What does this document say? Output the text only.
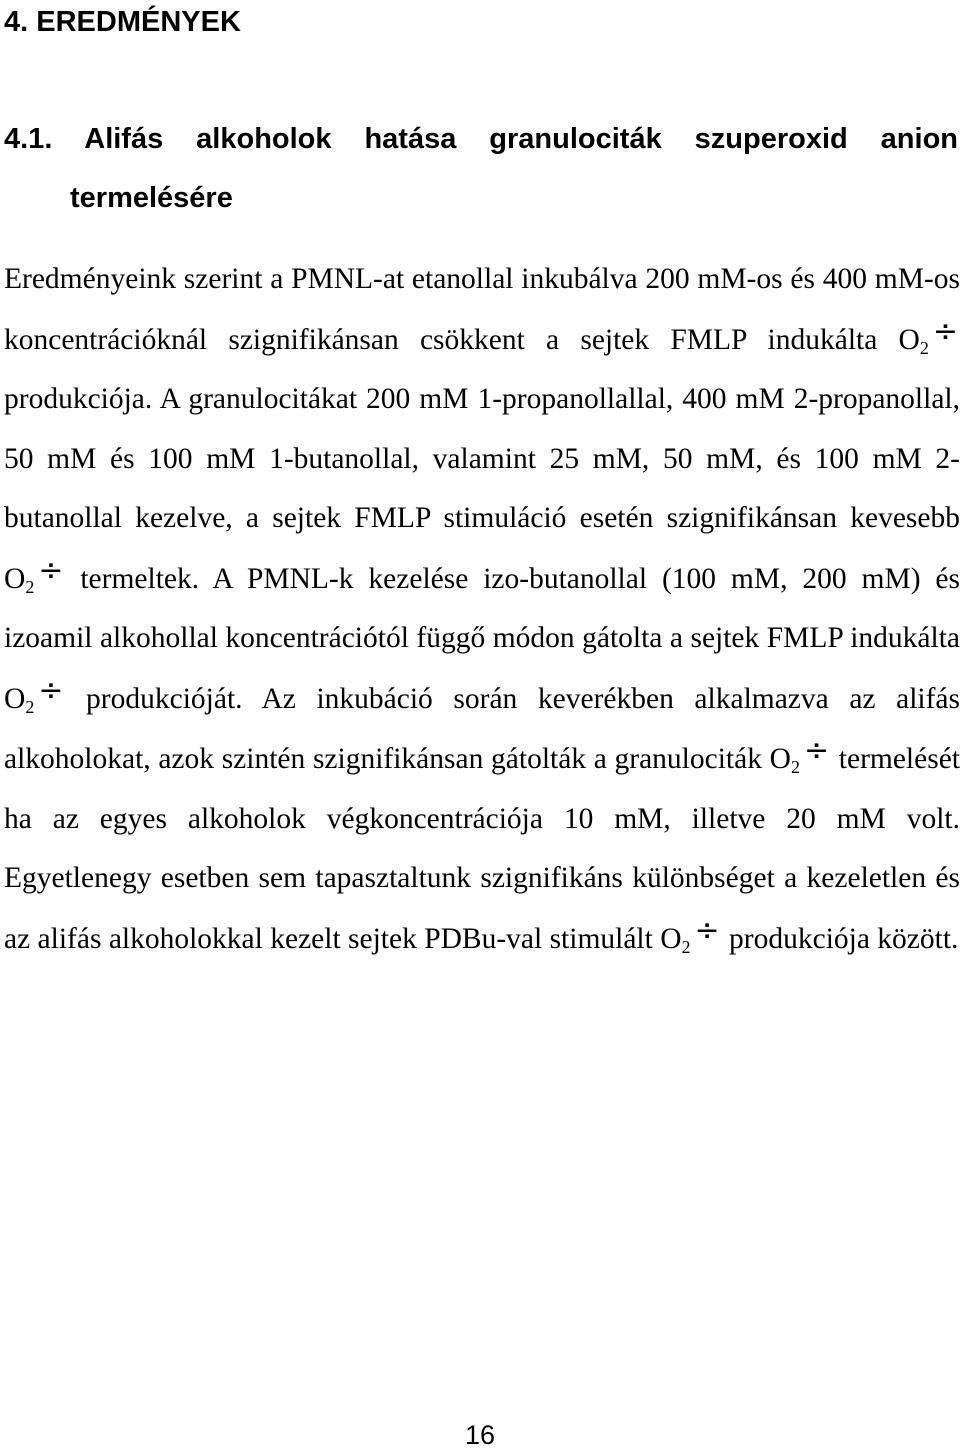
4. EREDMÉNYEK
4.1. Alifás alkoholok hatása granulociták szuperoxid anion
termelésére

Eredményeink szerint a PMNL-at etanollal inkubálva 200 mM-os és 400 mM-os koncentrációknál szignifikánsan csökkent a sejtek FMLP indukálta O2 ÷ produkciója. A granulocitákat 200 mM 1-propanollallal, 400 mM 2-propanollal, 50 mM és 100 mM 1-butanollal, valamint 25 mM, 50 mM, és 100 mM 2-butanollal kezelve, a sejtek FMLP stimuláció esetén szignifikánsan kevesebb O2 ÷ termeltek. A PMNL-k kezelése izo-butanollal (100 mM, 200 mM) és izoamil alkohollal koncentrációtól függő módon gátolta a sejtek FMLP indukálta O2 ÷ produkcióját. Az inkubáció során keverékben alkalmazva az alifás alkoholokat, azok szintén szignifikánsan gátolták a granulociták O2 ÷ termelését ha az egyes alkoholok végkoncentrációja 10 mM, illetve 20 mM volt. Egyetlenegy esetben sem tapasztaltunk szignifikáns különbséget a kezeletlen és az alifás alkoholokkal kezelt sejtek PDBu-val stimulált O2 ÷ produkciója között.

16
